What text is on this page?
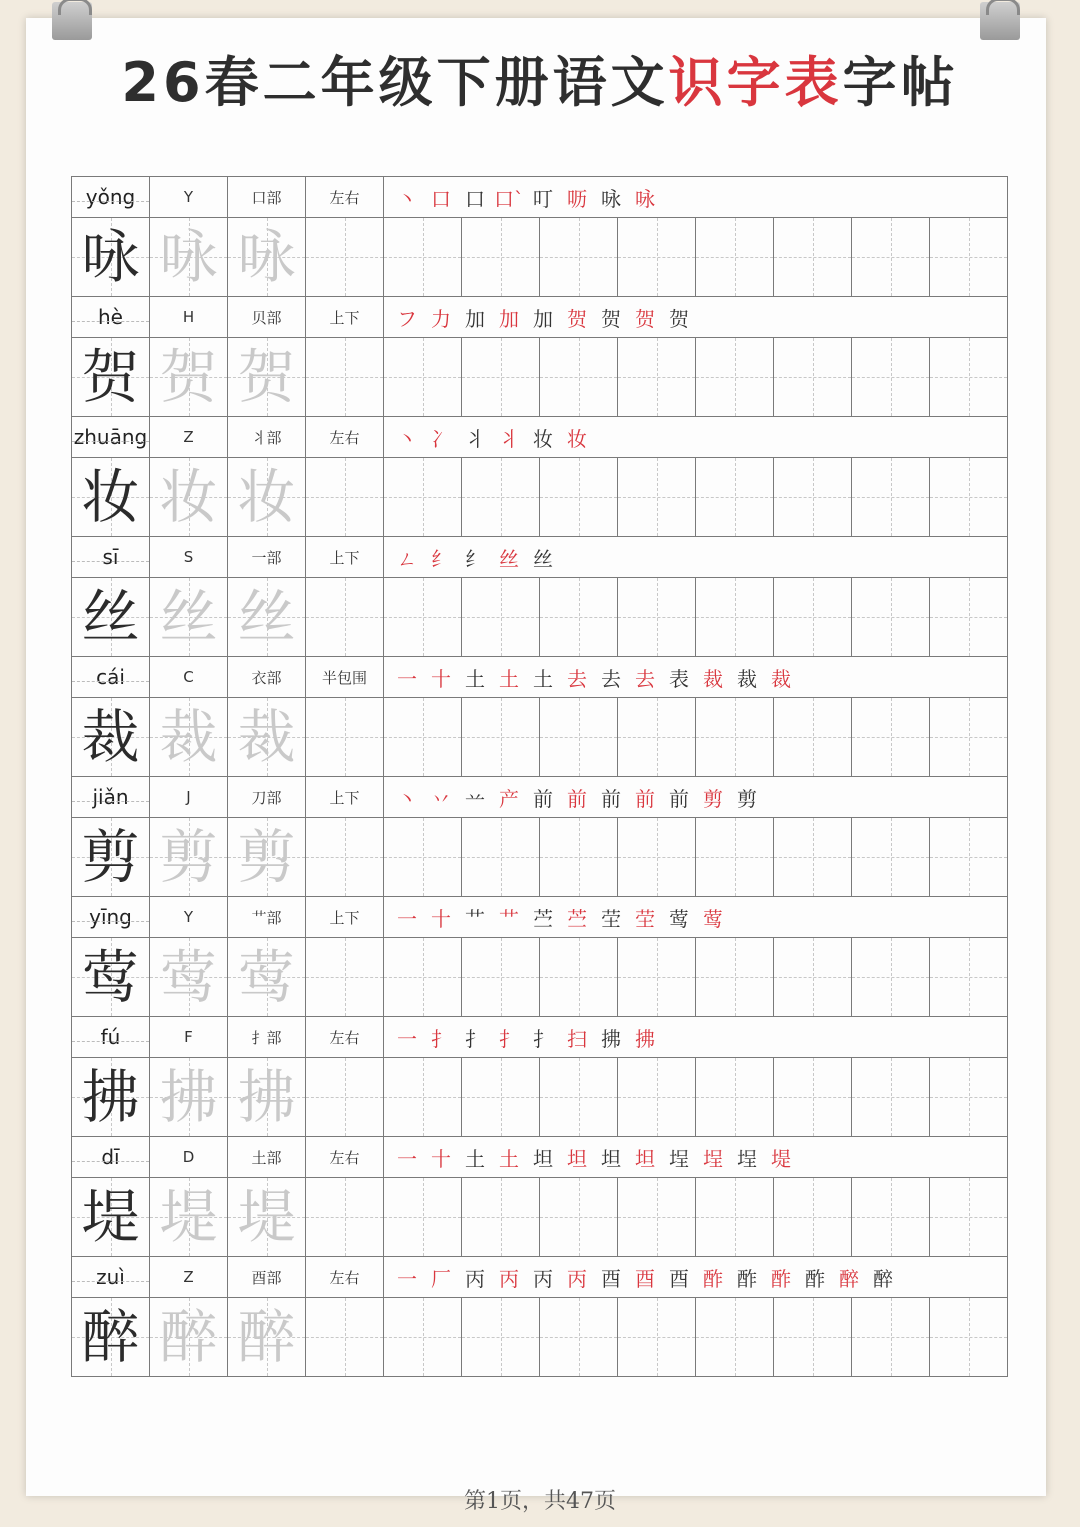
26春二年级下册语文识字表字帖
yǒng	Y	口部	左右	丶 口 口 口` 叮 呖 咏 咏							
咏	咏	咏									
hè	H	贝部	上下	フ 力 加 加 加 贺 贺 贺 贺							
贺	贺	贺									
zhuāng	Z	丬部	左右	丶 冫 丬 丬 妆 妆							
妆	妆	妆									
sī	S	一部	上下	ㄥ 纟 纟 丝 丝							
丝	丝	丝									
cái	C	衣部	半包围	一 十 土 土 土 去 去 去 表 裁 裁 裁							
裁	裁	裁									
jiǎn	J	刀部	上下	丶 丷 䒑 产 前 前 前 前 前 剪 剪							
剪	剪	剪									
yīng	Y	艹部	上下	一 十 艹 艹 苎 苎 茔 茔 莺 莺							
莺	莺	莺									
fú	F	扌部	左右	一 扌 扌 扌 扌 扫 拂 拂							
拂	拂	拂									
dī	D	土部	左右	一 十 土 土 坦 坦 坦 坦 埕 埕 埕 堤							
堤	堤	堤									
zuì	Z	酉部	左右	一 厂 丙 丙 丙 丙 酉 酉 酉 酢 酢 酢 酢 醉 醉							
醉	醉	醉									
第1页，共47页
